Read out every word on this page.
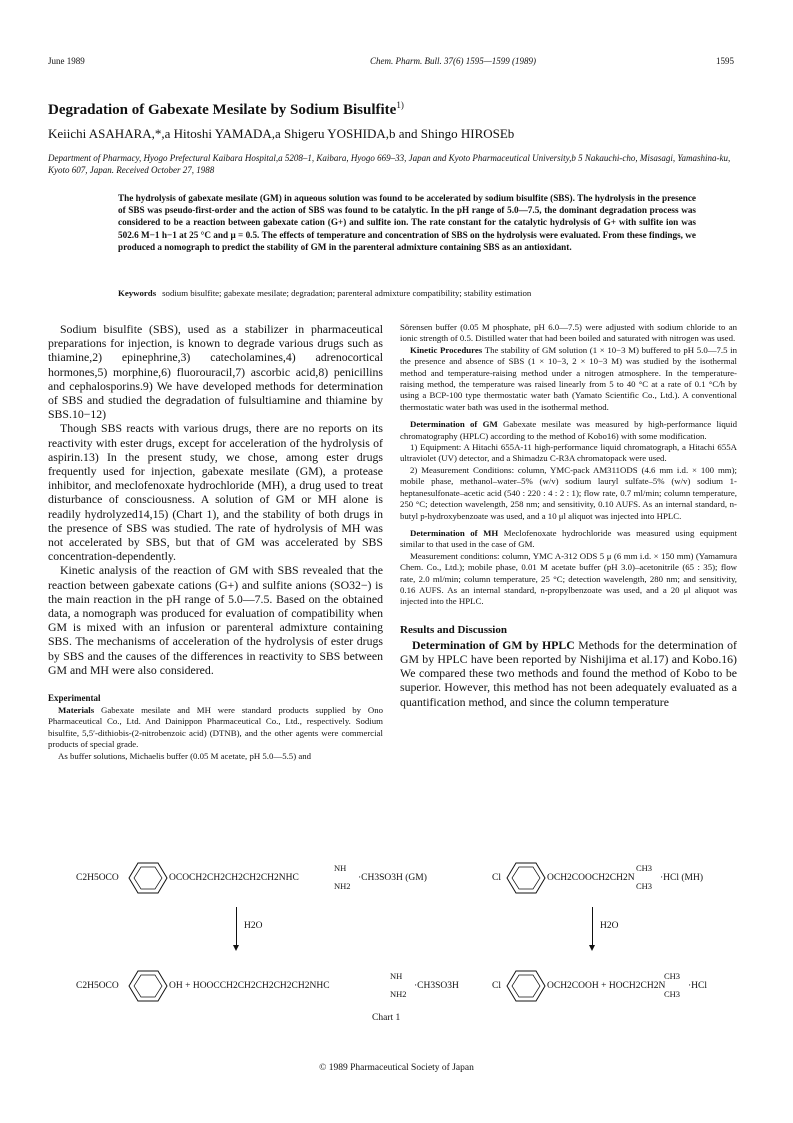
June 1989	Chem. Pharm. Bull. 37(6) 1595—1599 (1989)	1595
Degradation of Gabexate Mesilate by Sodium Bisulfite$^{1)}$
Keiichi ASAHARA,*,a Hitoshi YAMADA,a Shigeru YOSHIDA,b and Shingo HIROSEb
Department of Pharmacy, Hyogo Prefectural Kaibara Hospital,a 5208–1, Kaibara, Hyogo 669–33, Japan and Kyoto Pharmaceutical University,b 5 Nakauchi-cho, Misasagi, Yamashina-ku, Kyoto 607, Japan. Received October 27, 1988
The hydrolysis of gabexate mesilate (GM) in aqueous solution was found to be accelerated by sodium bisulfite (SBS). The hydrolysis in the presence of SBS was pseudo-first-order and the action of SBS was found to be catalytic. In the pH range of 5.0—7.5, the dominant degradation process was considered to be a reaction between gabexate cation (G+) and sulfite ion. The rate constant for the catalytic hydrolysis of G+ with sulfite ion was 502.6 M−1 h−1 at 25 °C and μ = 0.5. The effects of temperature and concentration of SBS on the hydrolysis were evaluated. From these findings, we produced a nomograph to predict the stability of GM in the parenteral admixture containing SBS as an antioxidant.
Keywords sodium bisulfite; gabexate mesilate; degradation; parenteral admixture compatibility; stability estimation

Sodium bisulfite (SBS), used as a stabilizer in pharmaceutical preparations for injection, is known to degrade various drugs such as thiamine,2) epinephrine,3) catecholamines,4) adrenocortical hormones,5) morphine,6) fluorouracil,7) ascorbic acid,8) penicillins and cephalosporins.9) We have developed methods for determination of SBS and studied the degradation of fulsultiamine and thiamine by SBS.10−12)

Though SBS reacts with various drugs, there are no reports on its reactivity with ester drugs, except for acceleration of the hydrolysis of aspirin.13) In the present study, we chose, among ester drugs frequently used for injection, gabexate mesilate (GM), a protease inhibitor, and meclofenoxate hydrochloride (MH), a drug used to treat disturbance of consciousness. A solution of GM or MH alone is readily hydrolyzed14,15) (Chart 1), and the stability of both drugs in the presence of SBS was studied. The rate of hydrolysis of MH was not accelerated by SBS, but that of GM was accelerated by SBS concentration-dependently.

Kinetic analysis of the reaction of GM with SBS revealed that the reaction between gabexate cations (G+) and sulfite anions (SO32−) is the main reaction in the pH range of 5.0—7.5. Based on the obtained data, a nomograph was produced for evaluation of compatibility when GM is mixed with an infusion or parenteral admixture containing SBS. The mechanisms of acceleration of the hydrolysis of ester drugs by SBS and the causes of the differences in reactivity to SBS between GM and MH were also considered.

Experimental

Materials Gabexate mesilate and MH were standard products supplied by Ono Pharmaceutical Co., Ltd. And Dainippon Pharmaceutical Co., Ltd., respectively. Sodium bisulfite, 5,5′-dithiobis-(2-nitrobenzoic acid) (DTNB), and the other agents were commercial products of special grade.

As buffer solutions, Michaelis buffer (0.05 M acetate, pH 5.0—5.5) and

Sörensen buffer (0.05 M phosphate, pH 6.0—7.5) were adjusted with sodium chloride to an ionic strength of 0.5. Distilled water that had been boiled and saturated with nitrogen was used.

Kinetic Procedures The stability of GM solution (1 × 10−3 M) buffered to pH 5.0—7.5 in the presence and absence of SBS (1 × 10−3, 2 × 10−3 M) was studied by the isothermal method and temperature-raising method under a nitrogen atmosphere. In the temperature-raising method, the temperature was raised linearly from 5 to 40 °C at a rate of 0.1 °C/h by using a BCP-100 type thermostatic water bath (Yamato Scientific Co., Ltd.). A conventional thermostatic water bath was used in the isothermal method.

Determination of GM Gabexate mesilate was measured by high-performance liquid chromatography (HPLC) according to the method of Kobo16) with some modification.

1) Equipment: A Hitachi 655A-11 high-performance liquid chromatograph, a Hitachi 655A ultraviolet (UV) detector, and a Shimadzu C-R3A chromatopack were used.

2) Measurement Conditions: column, YMC-pack AM311ODS (4.6 mm i.d. × 100 mm); mobile phase, methanol–water–5% (w/v) sodium lauryl sulfate–5% (w/v) sodium 1-heptanesulfonate–acetic acid (540 : 220 : 4 : 2 : 1); flow rate, 0.7 ml/min; column temperature, 250 °C; detection wavelength, 258 nm; and sensitivity, 0.10 AUFS. As an internal standard, n-butyl p-hydroxybenzoate was used, and a 10 μl aliquot was injected into HPLC.

Determination of MH Meclofenoxate hydrochloride was measured using equipment similar to that used in the case of GM.

Measurement conditions: column, YMC A-312 ODS 5 μ (6 mm i.d. × 150 mm) (Yamamura Chem. Co., Ltd.); mobile phase, 0.01 M acetate buffer (pH 3.0)–acetonitrile (65 : 35); flow rate, 2.0 ml/min; column temperature, 25 °C; detection wavelength, 280 nm; and sensitivity, 0.16 AUFS. As an internal standard, n-propylbenzoate was used, and a 20 μl aliquot was injected into the HPLC.

Results and Discussion

Determination of GM by HPLC Methods for the determination of GM by HPLC have been reported by Nishijima et al.17) and Kobo.16) We compared these two methods and found the method of Kobo to be superior. However, this method has not been adequately evaluated as a quantification method, and since the column temperature

C2H5OCO	OCOCH2CH2CH2CH2CH2NHC
NH
NH2
·CH3SO3H (GM)	Cl	OCH2COOCH2CH2N
CH3
CH3
·HCl (MH)
H2O	H2O
C2H5OCO	OH + HOOCCH2CH2CH2CH2CH2NHC
NH
NH2
·CH3SO3H	Cl	OCH2COOH + HOCH2CH2N
CH3
CH3
·HCl
Chart 1
© 1989 Pharmaceutical Society of Japan
